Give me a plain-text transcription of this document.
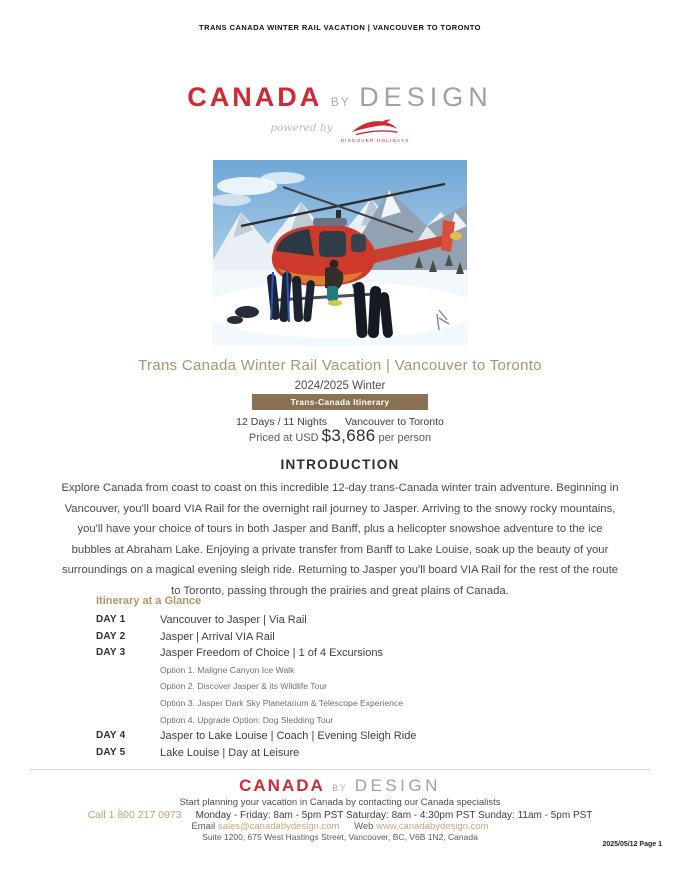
TRANS CANADA WINTER RAIL VACATION | VANCOUVER TO TORONTO
CANADA BY DESIGN
powered by
DISCOVER HOLIDAYS
Trans Canada Winter Rail Vacation | Vancouver to Toronto
2024/2025 Winter
Trans-Canada Itinerary
12 Days / 11 Nights Vancouver to Toronto
Priced at USD $3,686 per person
INTRODUCTION
Explore Canada from coast to coast on this incredible 12-day trans-Canada winter train adventure. Beginning in Vancouver, you'll board VIA Rail for the overnight rail journey to Jasper. Arriving to the snowy rocky mountains, you'll have your choice of tours in both Jasper and Banff, plus a helicopter snowshoe adventure to the ice bubbles at Abraham Lake. Enjoying a private transfer from Banff to Lake Louise, soak up the beauty of your surroundings on a magical evening sleigh ride. Returning to Jasper you'll board VIA Rail for the rest of the route to Toronto, passing through the prairies and great plains of Canada.
Itinerary at a Glance
DAY 1	Vancouver to Jasper | Via Rail
DAY 2	Jasper | Arrival VIA Rail
DAY 3	Jasper Freedom of Choice | 1 of 4 Excursions
Option 1. Maligne Canyon Ice Walk
Option 2. Discover Jasper & its Wildlife Tour
Option 3. Jasper Dark Sky Planetarium & Telescope Experience
Option 4. Upgrade Option: Dog Sledding Tour
DAY 4	Jasper to Lake Louise | Coach | Evening Sleigh Ride
DAY 5	Lake Louise | Day at Leisure
CANADA BY DESIGN
Start planning your vacation in Canada by contacting our Canada specialists
Call 1 800 217 0973 Monday - Friday: 8am - 5pm PST Saturday: 8am - 4:30pm PST Sunday: 11am - 5pm PST
Email sales@canadabydesign.com Web www.canadabydesign.com
Suite 1200, 675 West Hastings Street, Vancouver, BC, V6B 1N2, Canada
2025/05/12 Page 1
